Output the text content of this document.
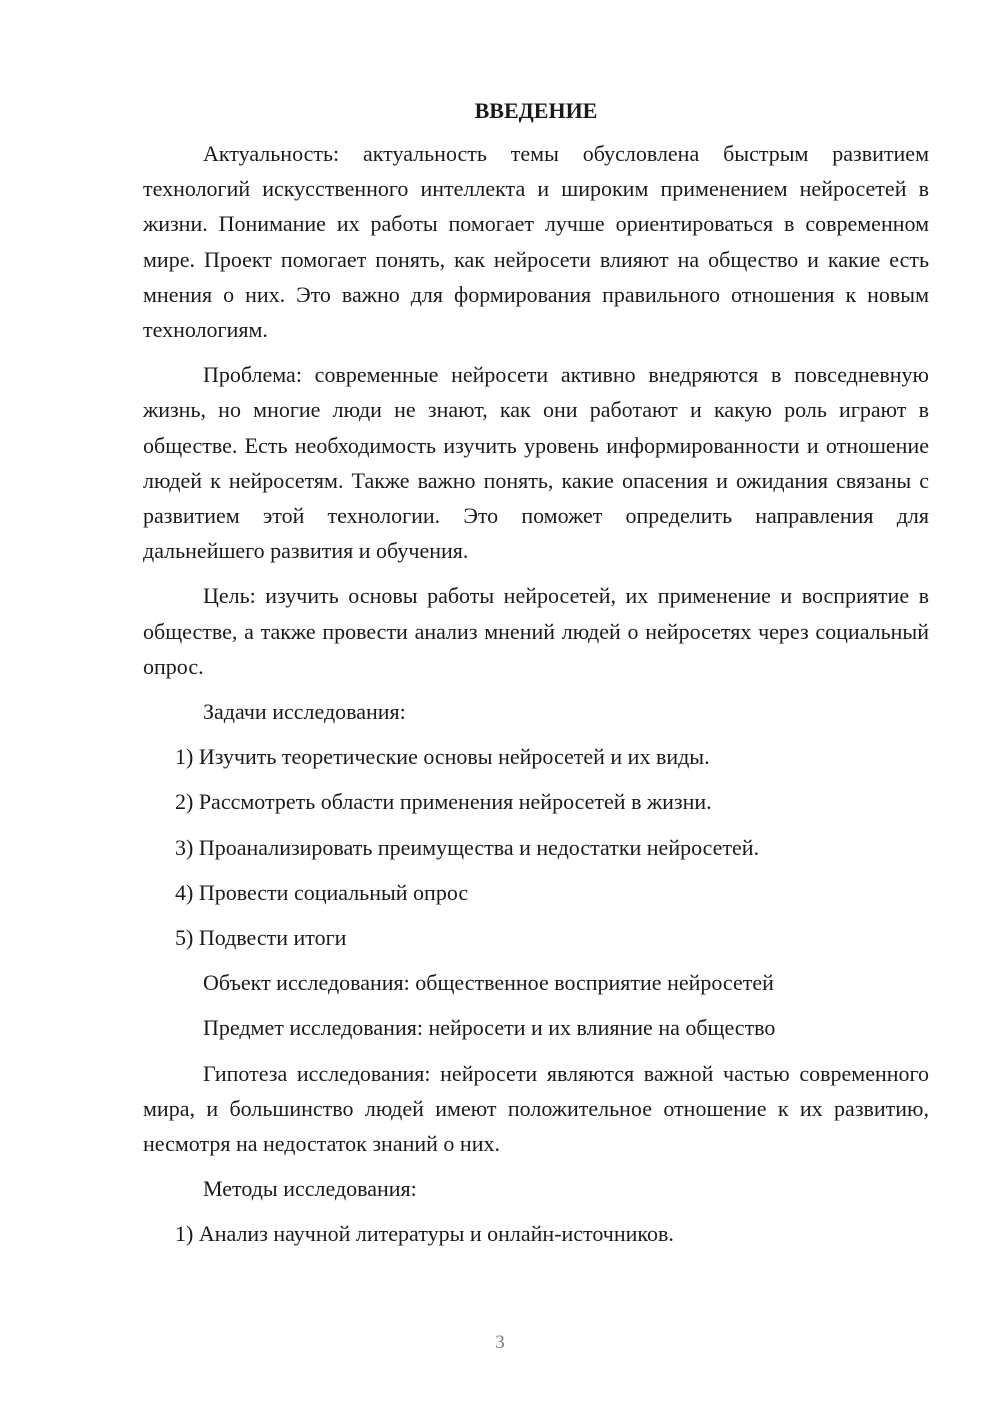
ВВЕДЕНИЕ

Актуальность: актуальность темы обусловлена быстрым развитием технологий искусственного интеллекта и широким применением нейросетей в жизни. Понимание их работы помогает лучше ориентироваться в современном мире. Проект помогает понять, как нейросети влияют на общество и какие есть мнения о них. Это важно для формирования правильного отношения к новым технологиям.

Проблема: современные нейросети активно внедряются в повседневную жизнь, но многие люди не знают, как они работают и какую роль играют в обществе. Есть необходимость изучить уровень информированности и отношение людей к нейросетям. Также важно понять, какие опасения и ожидания связаны с развитием этой технологии. Это поможет определить направления для дальнейшего развития и обучения.

Цель: изучить основы работы нейросетей, их применение и восприятие в обществе, а также провести анализ мнений людей о нейросетях через социальный опрос.

Задачи исследования:

1) Изучить теоретические основы нейросетей и их виды.

2) Рассмотреть области применения нейросетей в жизни.

3) Проанализировать преимущества и недостатки нейросетей.

4) Провести социальный опрос

5) Подвести итоги

Объект исследования: общественное восприятие нейросетей

Предмет исследования: нейросети и их влияние на общество

Гипотеза исследования: нейросети являются важной частью современного мира, и большинство людей имеют положительное отношение к их развитию, несмотря на недостаток знаний о них.

Методы исследования:

1) Анализ научной литературы и онлайн-источников.

3
